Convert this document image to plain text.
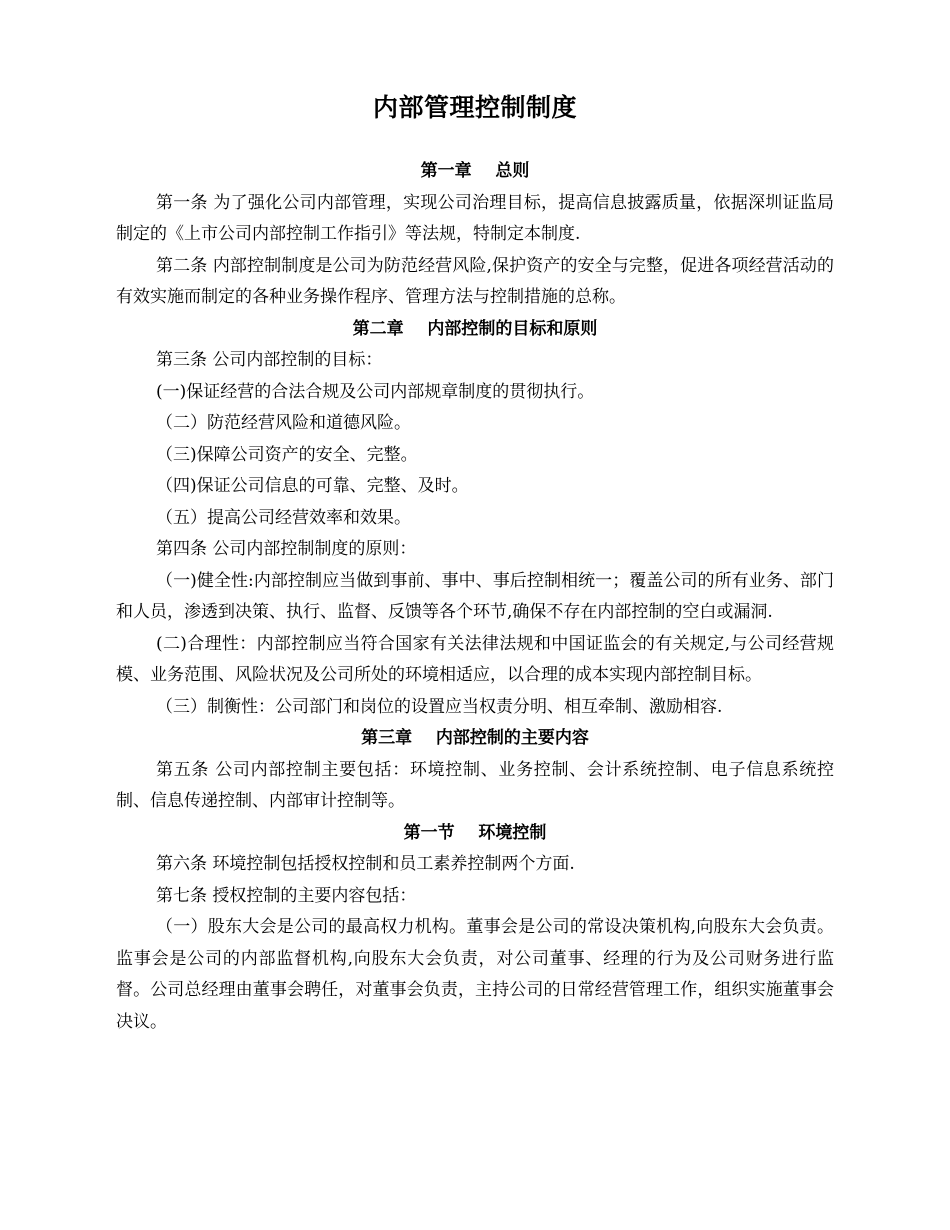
内部管理控制制度
第一章    总则

第一条 为了强化公司内部管理，实现公司治理目标，提高信息披露质量，依据深圳证监局制定的《上市公司内部控制工作指引》等法规，特制定本制度.

第二条 内部控制制度是公司为防范经营风险,保护资产的安全与完整，促进各项经营活动的有效实施而制定的各种业务操作程序、管理方法与控制措施的总称。

第二章    内部控制的目标和原则

第三条 公司内部控制的目标：

(一)保证经营的合法合规及公司内部规章制度的贯彻执行。

（二）防范经营风险和道德风险。

（三)保障公司资产的安全、完整。

（四)保证公司信息的可靠、完整、及时。

（五）提高公司经营效率和效果。

第四条 公司内部控制制度的原则：

（一)健全性:内部控制应当做到事前、事中、事后控制相统一；覆盖公司的所有业务、部门和人员，渗透到决策、执行、监督、反馈等各个环节,确保不存在内部控制的空白或漏洞.

(二)合理性：内部控制应当符合国家有关法律法规和中国证监会的有关规定,与公司经营规模、业务范围、风险状况及公司所处的环境相适应，以合理的成本实现内部控制目标。

（三）制衡性：公司部门和岗位的设置应当权责分明、相互牵制、激励相容.

第三章    内部控制的主要内容

第五条 公司内部控制主要包括：环境控制、业务控制、会计系统控制、电子信息系统控制、信息传递控制、内部审计控制等。

第一节    环境控制

第六条 环境控制包括授权控制和员工素养控制两个方面.

第七条 授权控制的主要内容包括：

（一）股东大会是公司的最高权力机构。董事会是公司的常设决策机构,向股东大会负责。监事会是公司的内部监督机构,向股东大会负责，对公司董事、经理的行为及公司财务进行监督。公司总经理由董事会聘任，对董事会负责，主持公司的日常经营管理工作，组织实施董事会决议。
